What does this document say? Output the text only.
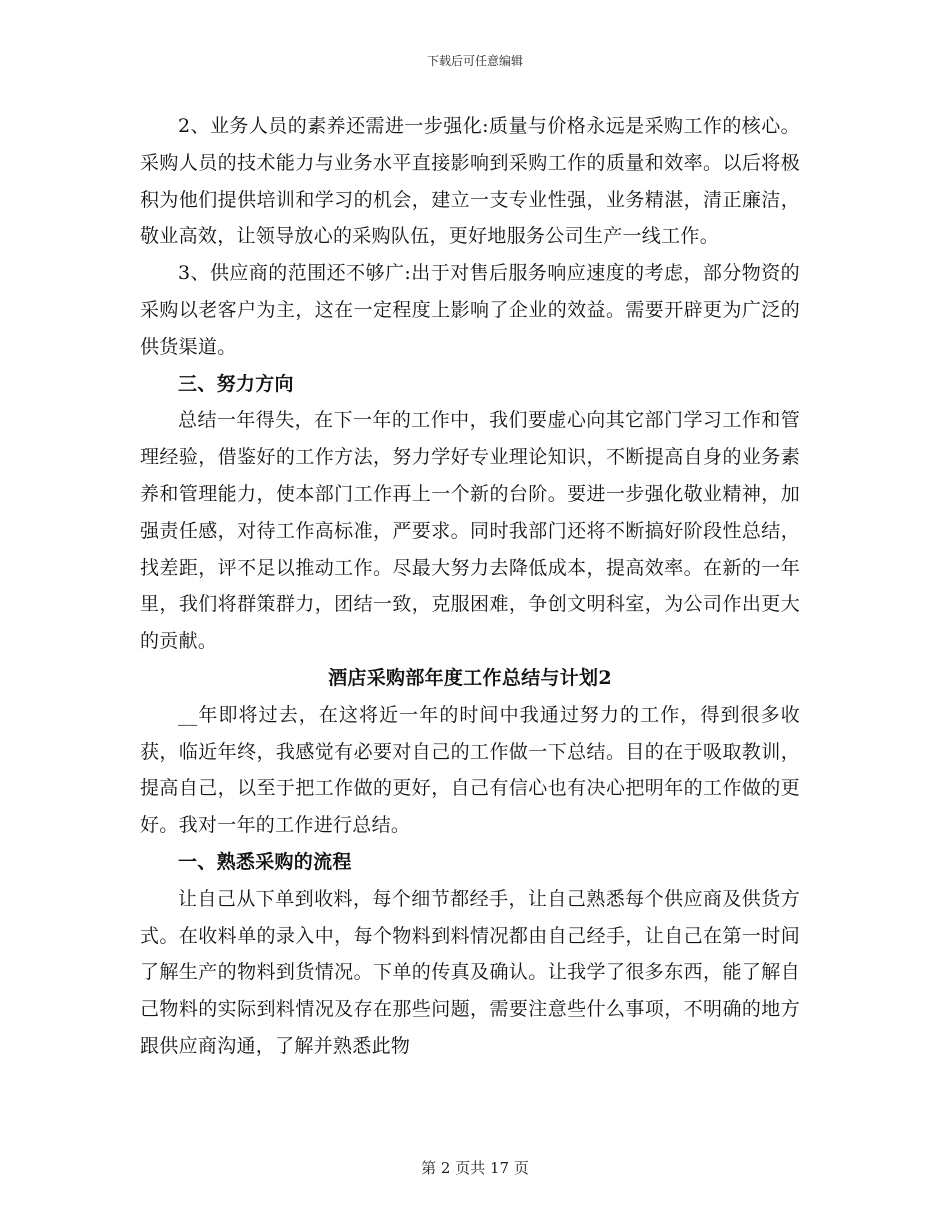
下载后可任意编辑

2、业务人员的素养还需进一步强化:质量与价格永远是采购工作的核心。采购人员的技术能力与业务水平直接影响到采购工作的质量和效率。以后将极积为他们提供培训和学习的机会，建立一支专业性强，业务精湛，清正廉洁，敬业高效，让领导放心的采购队伍，更好地服务公司生产一线工作。

3、供应商的范围还不够广:出于对售后服务响应速度的考虑，部分物资的采购以老客户为主，这在一定程度上影响了企业的效益。需要开辟更为广泛的供货渠道。

三、努力方向

总结一年得失，在下一年的工作中，我们要虚心向其它部门学习工作和管理经验，借鉴好的工作方法，努力学好专业理论知识，不断提高自身的业务素养和管理能力，使本部门工作再上一个新的台阶。要进一步强化敬业精神，加强责任感，对待工作高标准，严要求。同时我部门还将不断搞好阶段性总结，找差距，评不足以推动工作。尽最大努力去降低成本，提高效率。在新的一年里，我们将群策群力，团结一致，克服困难，争创文明科室，为公司作出更大的贡献。

酒店采购部年度工作总结与计划2

__年即将过去，在这将近一年的时间中我通过努力的工作，得到很多收获，临近年终，我感觉有必要对自己的工作做一下总结。目的在于吸取教训，提高自己，以至于把工作做的更好，自己有信心也有决心把明年的工作做的更好。我对一年的工作进行总结。

一、熟悉采购的流程

让自己从下单到收料，每个细节都经手，让自己熟悉每个供应商及供货方式。在收料单的录入中，每个物料到料情况都由自己经手，让自己在第一时间了解生产的物料到货情况。下单的传真及确认。让我学了很多东西，能了解自己物料的实际到料情况及存在那些问题，需要注意些什么事项，不明确的地方跟供应商沟通，了解并熟悉此物

第 2 页共 17 页
